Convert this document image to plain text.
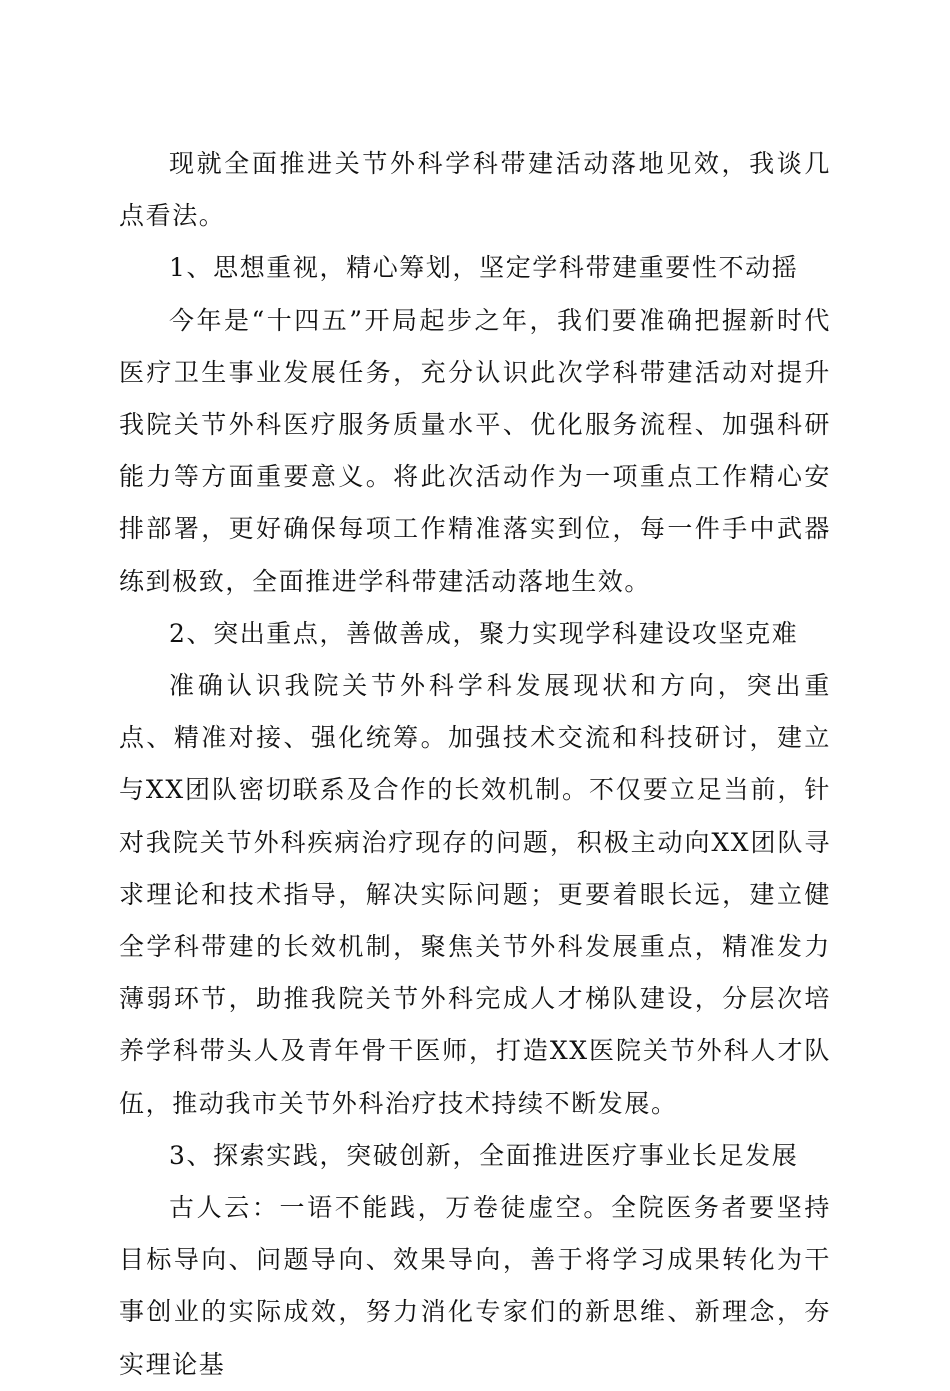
现就全面推进关节外科学科带建活动落地见效，我谈几点看法。

1、思想重视，精心筹划，坚定学科带建重要性不动摇

今年是“十四五”开局起步之年，我们要准确把握新时代医疗卫生事业发展任务，充分认识此次学科带建活动对提升我院关节外科医疗服务质量水平、优化服务流程、加强科研能力等方面重要意义。将此次活动作为一项重点工作精心安排部署，更好确保每项工作精准落实到位，每一件手中武器练到极致，全面推进学科带建活动落地生效。

2、突出重点，善做善成，聚力实现学科建设攻坚克难

准确认识我院关节外科学科发展现状和方向，突出重点、精准对接、强化统筹。加强技术交流和科技研讨，建立与XX团队密切联系及合作的长效机制。不仅要立足当前，针对我院关节外科疾病治疗现存的问题，积极主动向XX团队寻求理论和技术指导，解决实际问题；更要着眼长远，建立健全学科带建的长效机制，聚焦关节外科发展重点，精准发力薄弱环节，助推我院关节外科完成人才梯队建设，分层次培养学科带头人及青年骨干医师，打造XX医院关节外科人才队伍，推动我市关节外科治疗技术持续不断发展。

3、探索实践，突破创新，全面推进医疗事业长足发展

古人云：一语不能践，万卷徒虚空。全院医务者要坚持目标导向、问题导向、效果导向，善于将学习成果转化为干事创业的实际成效，努力消化专家们的新思维、新理念，夯实理论基
